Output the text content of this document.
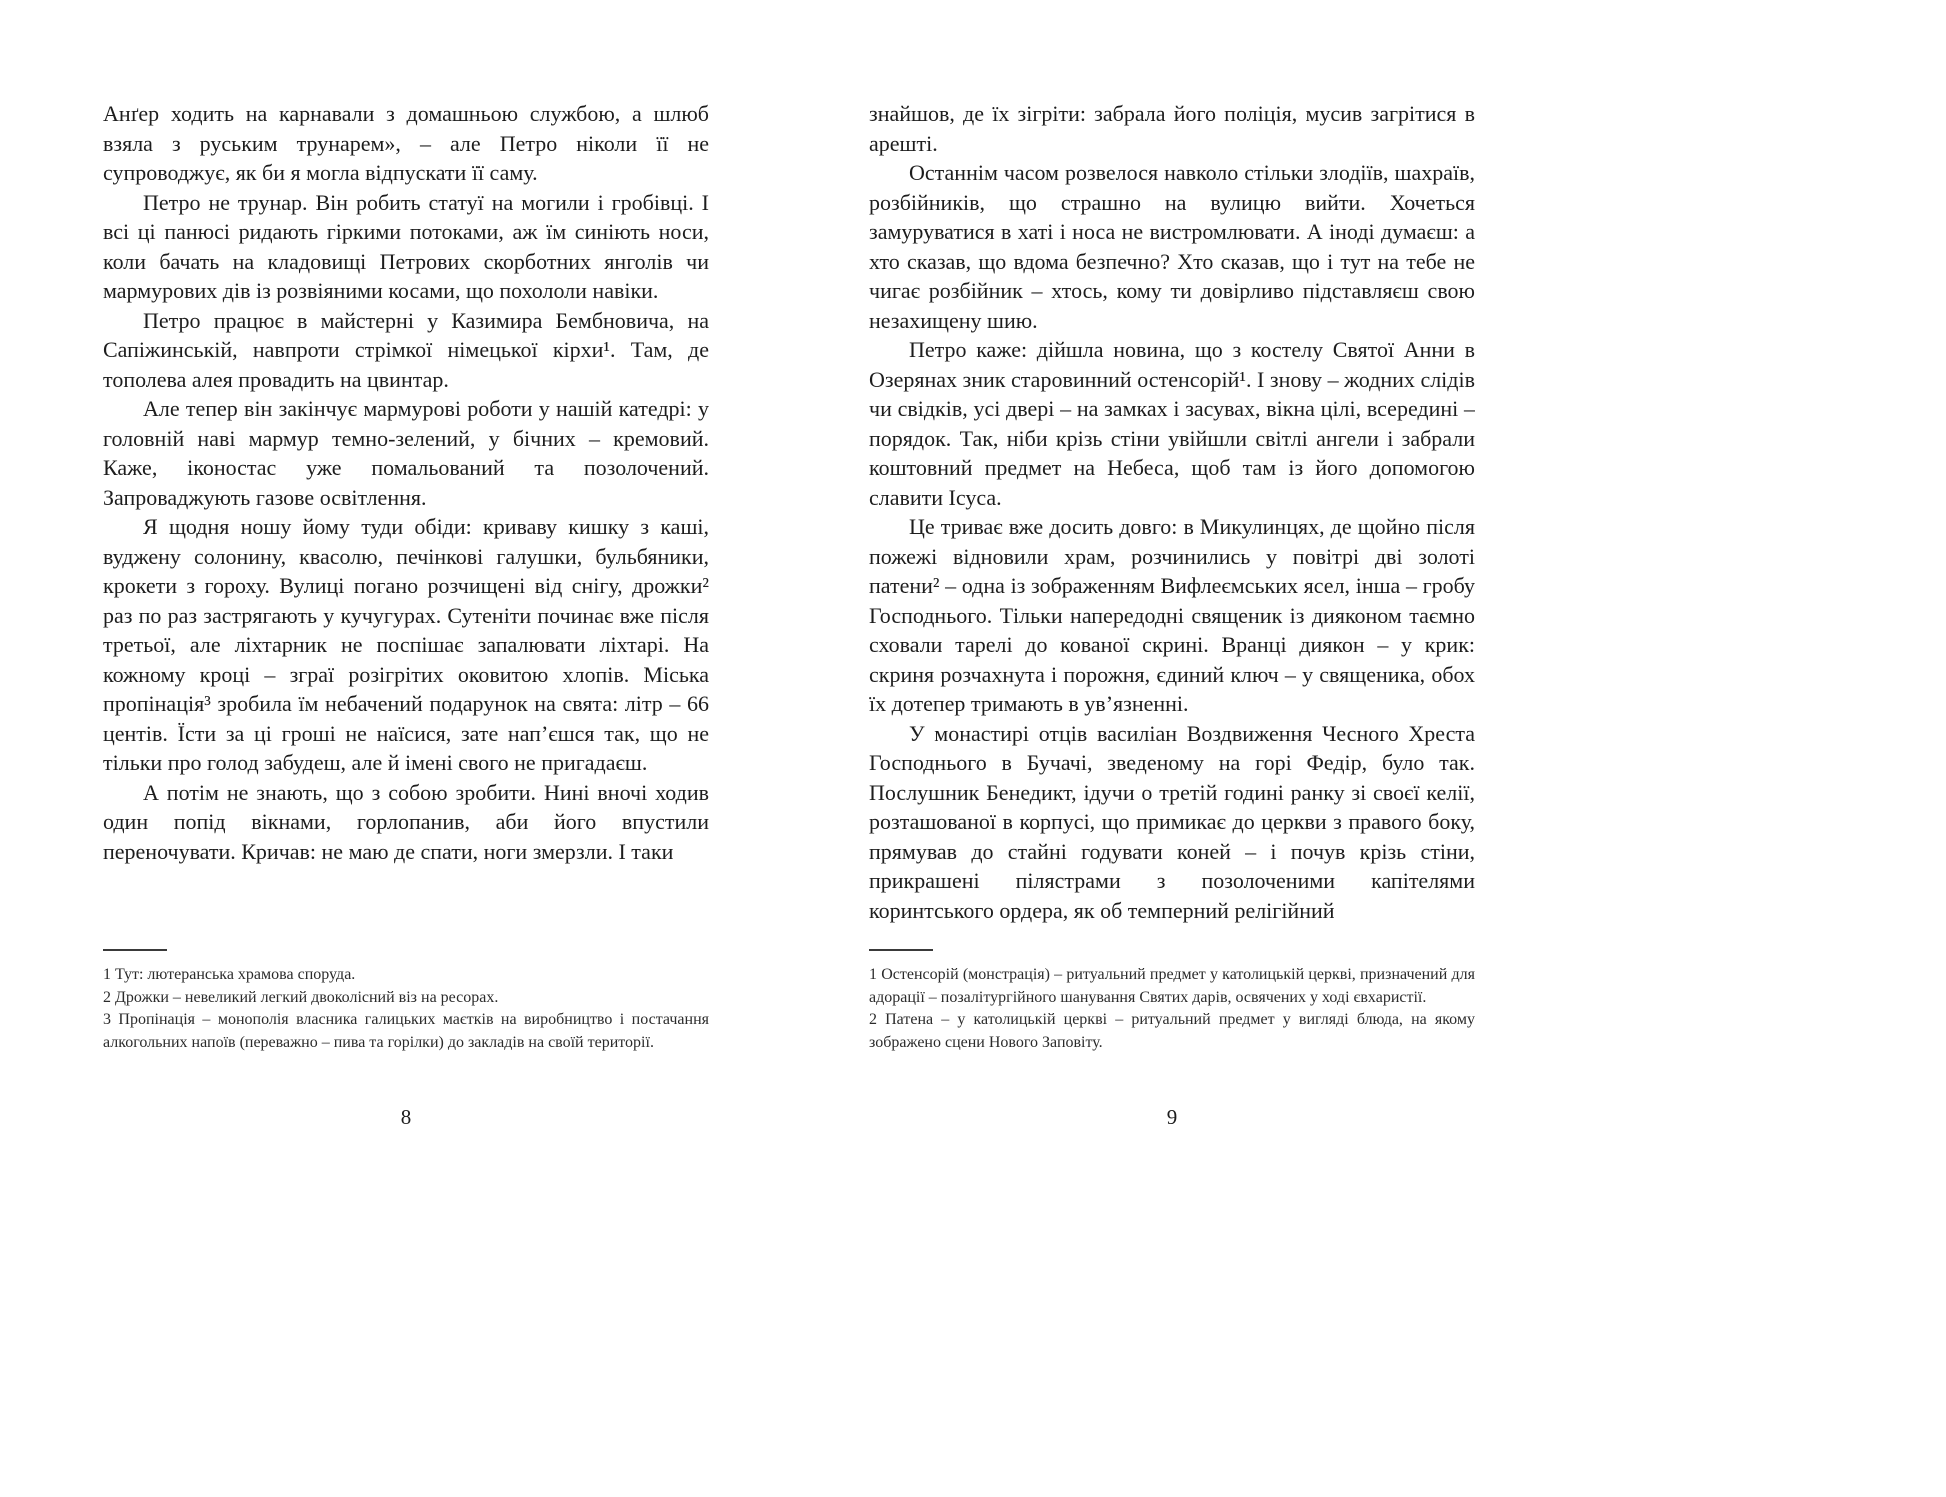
Анґер ходить на карнавали з домашньою службою, а шлюб взяла з руським трунарем», – але Петро ніколи її не супроводжує, як би я могла відпускати її саму.

Петро не трунар. Він робить статуї на могили і гробівці. І всі ці панюсі ридають гіркими потоками, аж їм синіють носи, коли бачать на кладовищі Петрових скорботних янголів чи мармурових дів із розвіяними косами, що похололи навіки.

Петро працює в майстерні у Казимира Бембновича, на Сапіжинській, навпроти стрімкої німецької кірхи¹. Там, де тополева алея провадить на цвинтар.

Але тепер він закінчує мармурові роботи у нашій катедрі: у головній наві мармур темно-зелений, у бічних – кремовий. Каже, іконостас уже помальований та позолочений. Запроваджують газове освітлення.

Я щодня ношу йому туди обіди: криваву кишку з каші, вуджену солонину, квасолю, печінкові галушки, бульбяники, крокети з гороху. Вулиці погано розчищені від снігу, дрожки² раз по раз застрягають у кучугурах. Сутеніти починає вже після третьої, але ліхтарник не поспішає запалювати ліхтарі. На кожному кроці – зграї розігрітих оковитою хлопів. Міська пропінація³ зробила їм небачений подарунок на свята: літр – 66 центів. Їсти за ці гроші не наїсися, зате нап’єшся так, що не тільки про голод забудеш, але й імені свого не пригадаєш.

А потім не знають, що з собою зробити. Нині вночі ходив один попід вікнами, горлопанив, аби його впустили переночувати. Кричав: не маю де спати, ноги змерзли. І таки

1 Тут: лютеранська храмова споруда.

2 Дрожки – невеликий легкий двоколісний віз на ресорах.

3 Пропінація – монополія власника галицьких маєтків на виробництво і постачання алкогольних напоїв (переважно – пива та горілки) до закладів на своїй території.

8

знайшов, де їх зігріти: забрала його поліція, мусив загрітися в арешті.

Останнім часом розвелося навколо стільки злодіїв, шахраїв, розбійників, що страшно на вулицю вийти. Хочеться замуруватися в хаті і носа не вистромлювати. А іноді думаєш: а хто сказав, що вдома безпечно? Хто сказав, що і тут на тебе не чигає розбійник – хтось, кому ти довірливо підставляєш свою незахищену шию.

Петро каже: дійшла новина, що з костелу Святої Анни в Озерянах зник старовинний остенсорій¹. І знову – жодних слідів чи свідків, усі двері – на замках і засувах, вікна цілі, всередині – порядок. Так, ніби крізь стіни увійшли світлі ангели і забрали коштовний предмет на Небеса, щоб там із його допомогою славити Ісуса.

Це триває вже досить довго: в Микулинцях, де щойно після пожежі відновили храм, розчинились у повітрі дві золоті патени² – одна із зображенням Вифлеємських ясел, інша – гробу Господнього. Тільки напередодні священик із дияконом таємно сховали тарелі до кованої скрині. Вранці диякон – у крик: скриня розчахнута і порожня, єдиний ключ – у священика, обох їх дотепер тримають в ув’язненні.

У монастирі отців василіан Воздвиження Чесного Хреста Господнього в Бучачі, зведеному на горі Федір, було так. Послушник Бенедикт, ідучи о третій годині ранку зі своєї келії, розташованої в корпусі, що примикає до церкви з правого боку, прямував до стайні годувати коней – і почув крізь стіни, прикрашені пілястрами з позолоченими капітелями коринтського ордера, як об темперний релігійний

1 Остенсорій (монстрація) – ритуальний предмет у католицькій церкві, призначений для адорації – позалітургійного шанування Святих дарів, освячених у ході євхаристії.

2 Патена – у католицькій церкві – ритуальний предмет у вигляді блюда, на якому зображено сцени Нового Заповіту.

9
